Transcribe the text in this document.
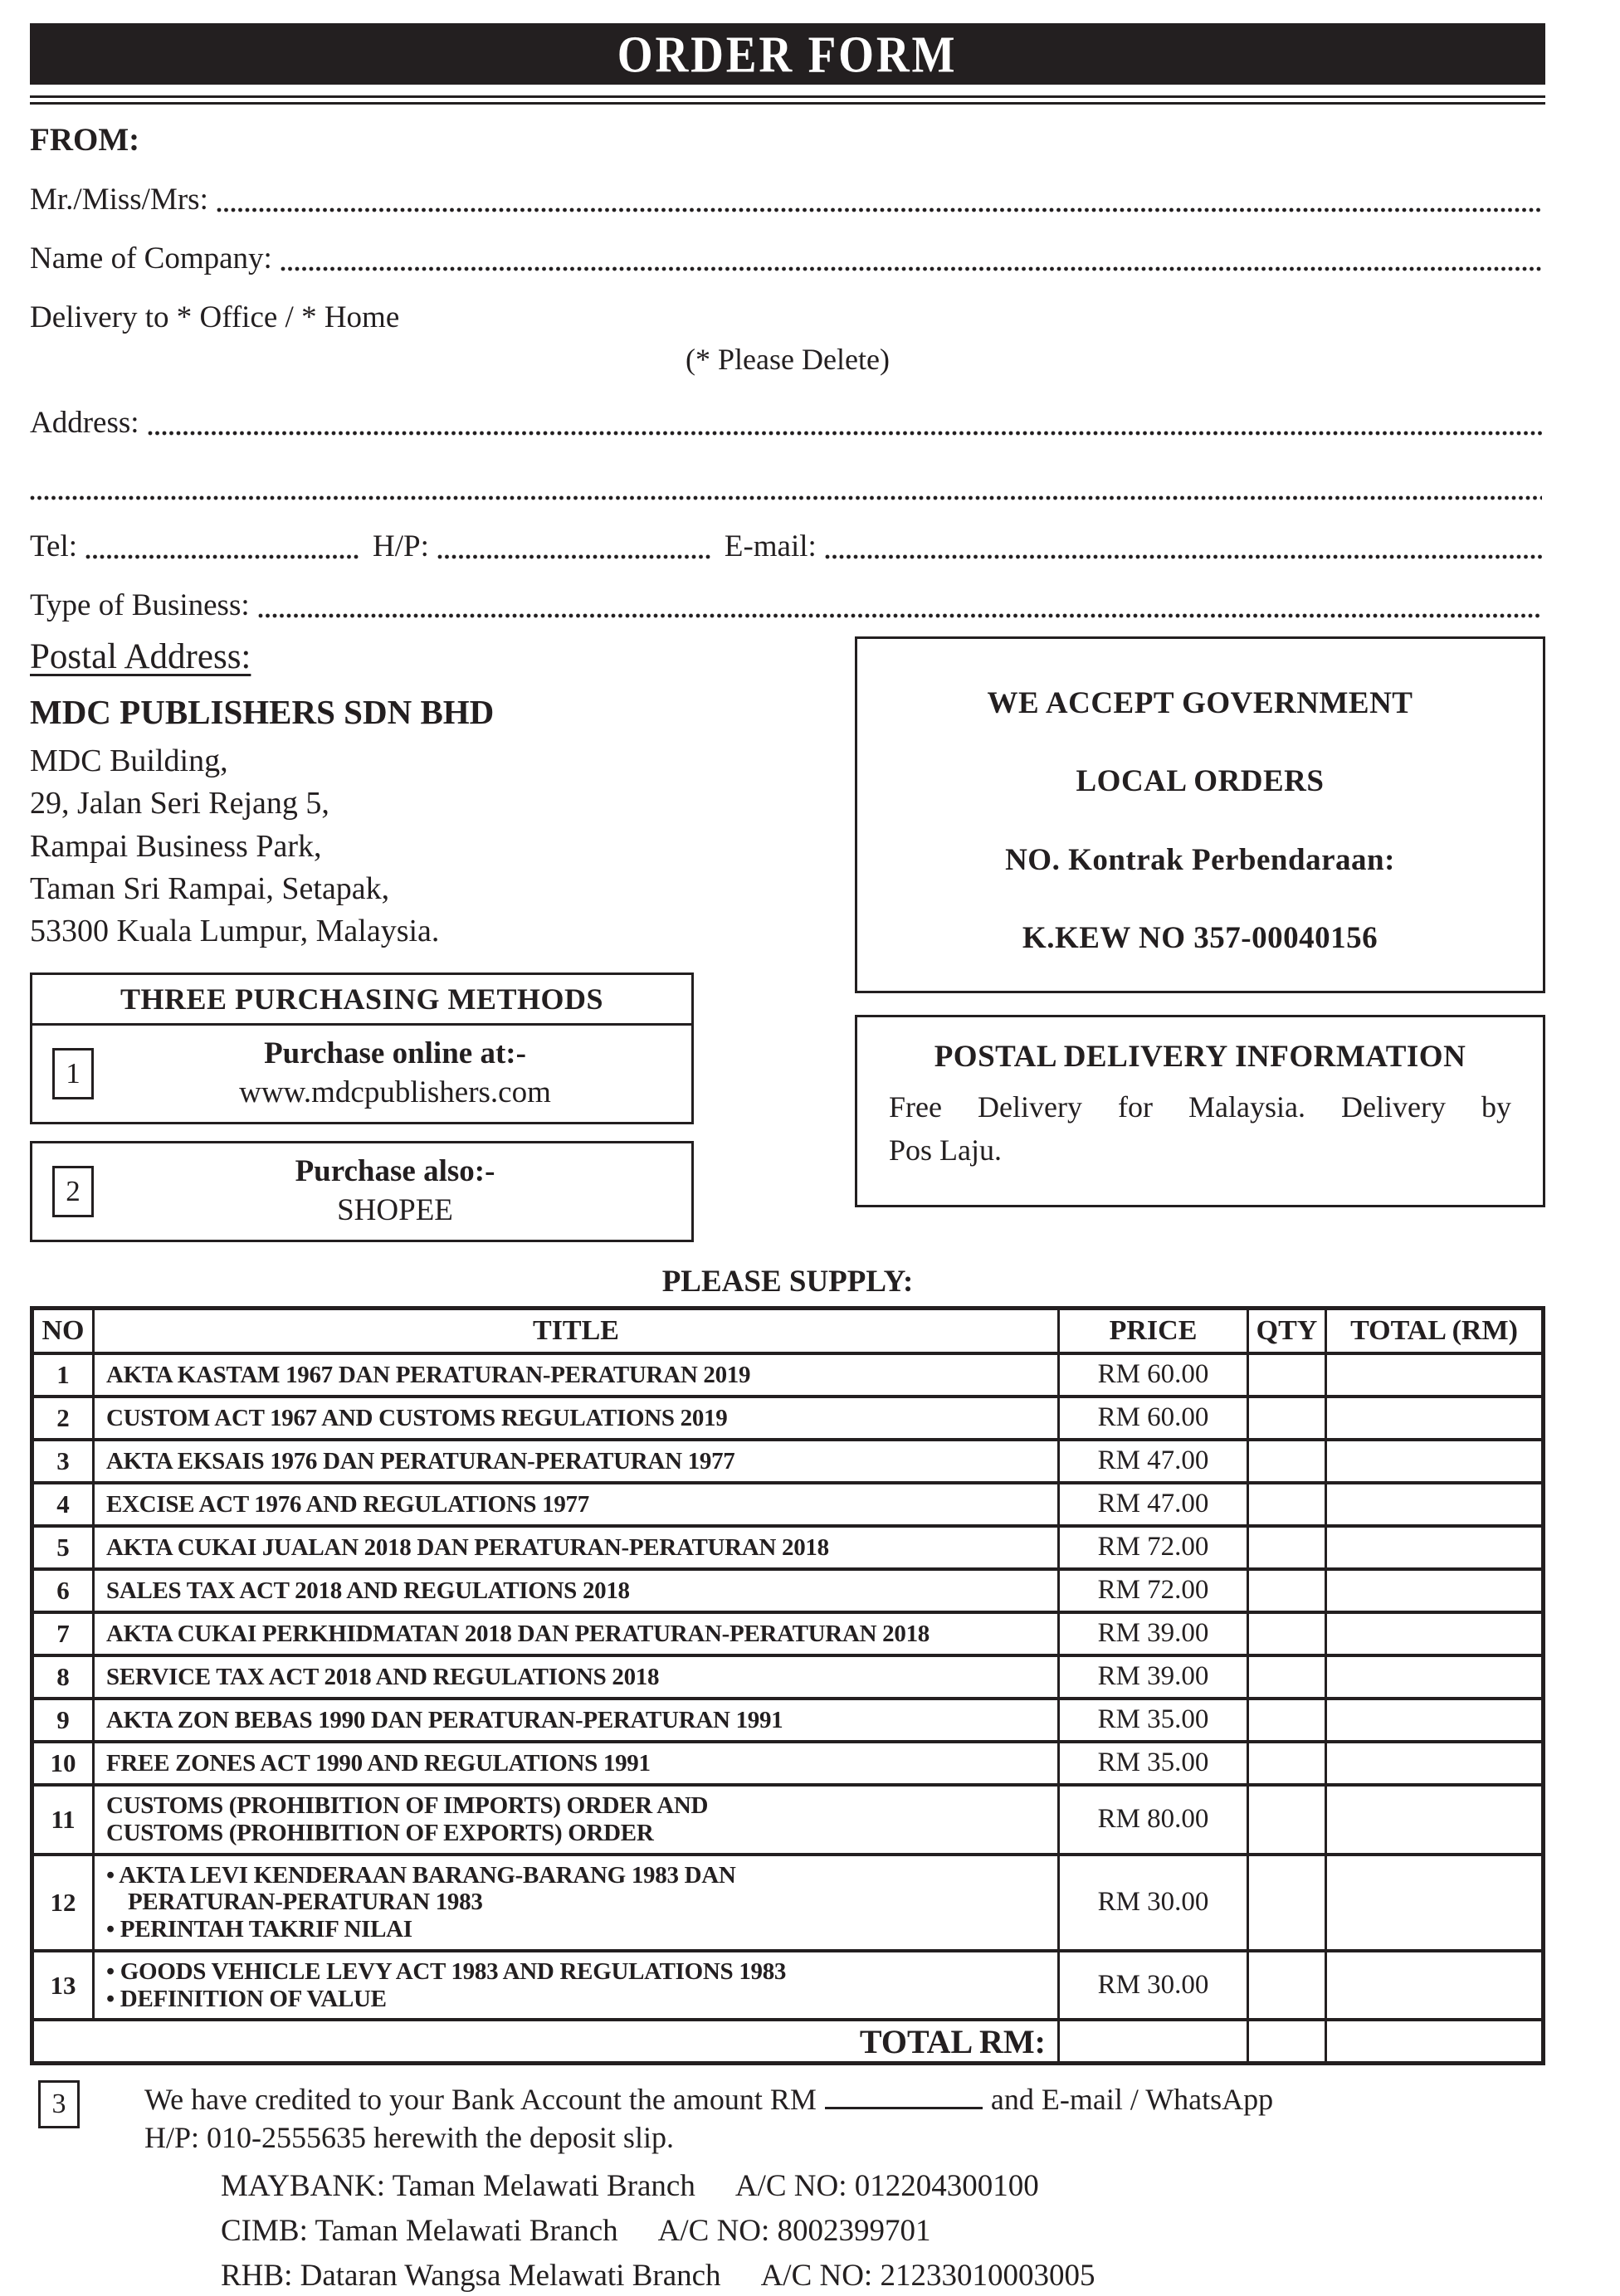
ORDER FORM
FROM:
Mr./Miss/Mrs:
Name of Company:
Delivery to * Office / * Home
(* Please Delete)
Address:
Tel:	H/P:	E-mail:
Type of Business:
Postal Address:
MDC PUBLISHERS SDN BHD
MDC Building,
29, Jalan Seri Rejang 5,
Rampai Business Park,
Taman Sri Rampai, Setapak,
53300 Kuala Lumpur, Malaysia.
THREE PURCHASING METHODS
1
Purchase online at:-
www.mdcpublishers.com
2
Purchase also:-
SHOPEE
WE ACCEPT GOVERNMENT
LOCAL ORDERS
NO. Kontrak Perbendaraan:
K.KEW NO 357-00040156
POSTAL DELIVERY INFORMATION
Free Delivery for Malaysia. Delivery by
Pos Laju.
PLEASE SUPPLY:
NO	TITLE	PRICE	QTY	TOTAL (RM)
1	AKTA KASTAM 1967 DAN PERATURAN-PERATURAN 2019	RM 60.00		
2	CUSTOM ACT 1967 AND CUSTOMS REGULATIONS 2019	RM 60.00		
3	AKTA EKSAIS 1976 DAN PERATURAN-PERATURAN 1977	RM 47.00		
4	EXCISE ACT 1976 AND REGULATIONS 1977	RM 47.00		
5	AKTA CUKAI JUALAN 2018 DAN PERATURAN-PERATURAN 2018	RM 72.00		
6	SALES TAX ACT 2018 AND REGULATIONS 2018	RM 72.00		
7	AKTA CUKAI PERKHIDMATAN 2018 DAN PERATURAN-PERATURAN 2018	RM 39.00		
8	SERVICE TAX ACT 2018 AND REGULATIONS 2018	RM 39.00		
9	AKTA ZON BEBAS 1990 DAN PERATURAN-PERATURAN 1991	RM 35.00		
10	FREE ZONES ACT 1990 AND REGULATIONS 1991	RM 35.00		
11	CUSTOMS (PROHIBITION OF IMPORTS) ORDER AND
CUSTOMS (PROHIBITION OF EXPORTS) ORDER	RM 80.00		
12	• AKTA LEVI KENDERAAN BARANG-BARANG 1983 DAN
PERATURAN-PERATURAN 1983
• PERINTAH TAKRIF NILAI	RM 30.00		
13	• GOODS VEHICLE LEVY ACT 1983 AND REGULATIONS 1983
• DEFINITION OF VALUE	RM 30.00		
TOTAL RM:				
3	We have credited to your Bank Account the amount RM	and E-mail / WhatsApp
H/P: 010-2555635 herewith the deposit slip.
MAYBANK: Taman Melawati Branch A/C NO: 012204300100
CIMB: Taman Melawati Branch A/C NO: 8002399701
RHB: Dataran Wangsa Melawati Branch A/C NO: 21233010003005
